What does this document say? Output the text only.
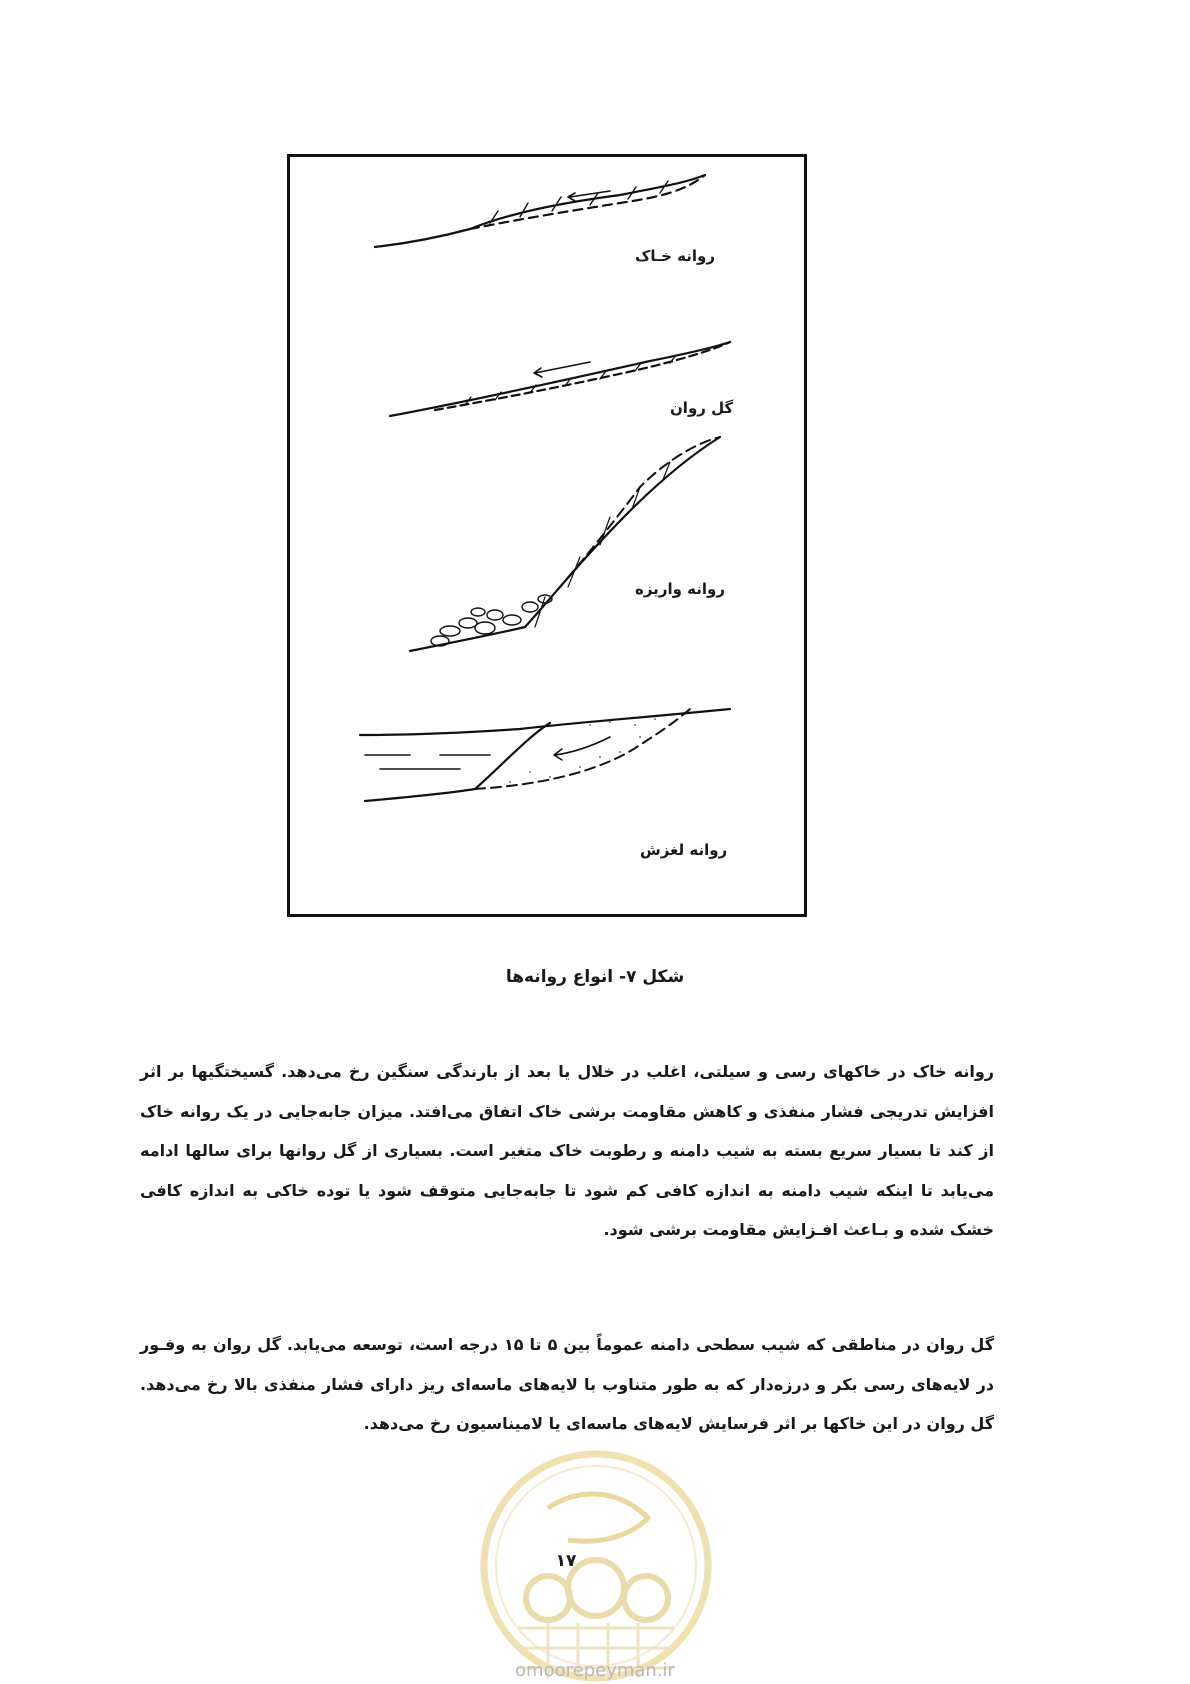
روانه خـاک
گل روان
روانه واریزه
روانه لغزش
شکل ۷- انواع روانه‌ها

روانه خاک در خاکهای رسی و سیلتی، اغلب در خلال یا بعد از بارندگی سنگین رخ می‌دهد. گسیختگیها بر اثر افزایش تدریجی فشار منفذی و کاهش مقاومت برشی خاک اتفاق می‌افتد. میزان جابه‌جایی در یک روانه خاک از کند تا بسیار سریع بسته به شیب دامنه و رطوبت خاک متغیر است. بسیاری از گل روانها برای سالها ادامه می‌یابد تا اینکه شیب دامنه به اندازه کافی کم شود تا جابه‌جایی متوقف شود یا توده خاکی به اندازه کافی خشک شده و بـاعث افـزایش مقاومت برشی شود.

گل روان در مناطقی که شیب سطحی دامنه عموماً بین ۵ تا ۱۵ درجه است، توسعه می‌یابد. گل روان به وفـور در لایه‌های رسی بکر و درزه‌دار که به طور متناوب با لایه‌های ماسه‌ای ریز دارای فشار منفذی بالا رخ می‌دهد. گل روان در این خاکها بر اثر فرسایش لایه‌های ماسه‌ای یا لامیناسیون رخ می‌دهد.

۱۷
omoorepeyman.ir
